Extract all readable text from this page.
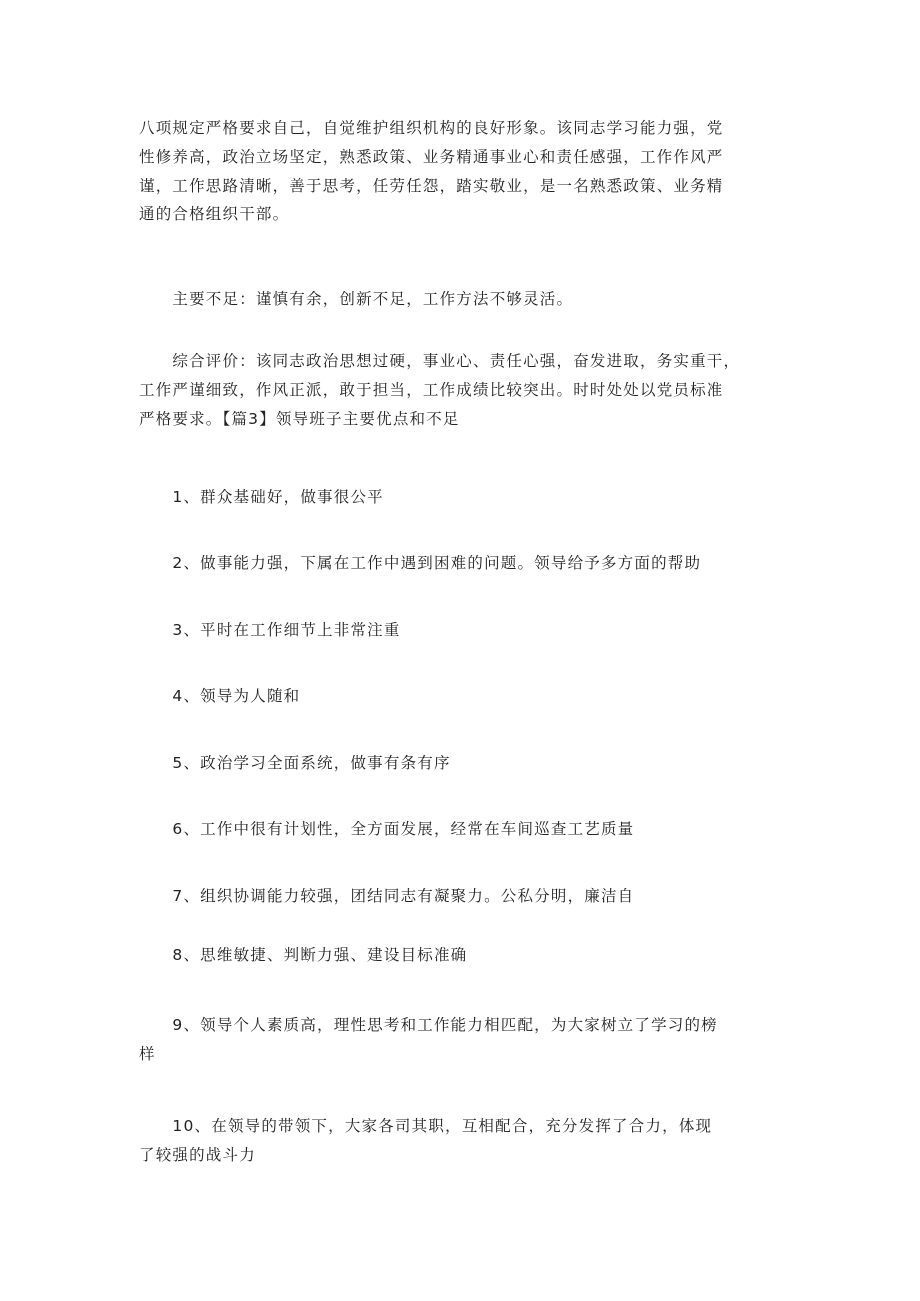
八项规定严格要求自己，自觉维护组织机构的良好形象。该同志学习能力强，党
性修养高，政治立场坚定，熟悉政策、业务精通事业心和责任感强，工作作风严
谨，工作思路清晰，善于思考，任劳任怨，踏实敬业，是一名熟悉政策、业务精
通的合格组织干部。

　　主要不足：谨慎有余，创新不足，工作方法不够灵活。

　　综合评价：该同志政治思想过硬，事业心、责任心强，奋发进取，务实重干，
工作严谨细致，作风正派，敢于担当，工作成绩比较突出。时时处处以党员标准
严格要求。【篇3】领导班子主要优点和不足

　　1、群众基础好，做事很公平

　　2、做事能力强，下属在工作中遇到困难的问题。领导给予多方面的帮助

　　3、平时在工作细节上非常注重

　　4、领导为人随和

　　5、政治学习全面系统，做事有条有序

　　6、工作中很有计划性，全方面发展，经常在车间巡查工艺质量

　　7、组织协调能力较强，团结同志有凝聚力。公私分明，廉洁自

　　8、思维敏捷、判断力强、建设目标准确

　　9、领导个人素质高，理性思考和工作能力相匹配，为大家树立了学习的榜
样

　　10、在领导的带领下，大家各司其职，互相配合，充分发挥了合力，体现
了较强的战斗力
